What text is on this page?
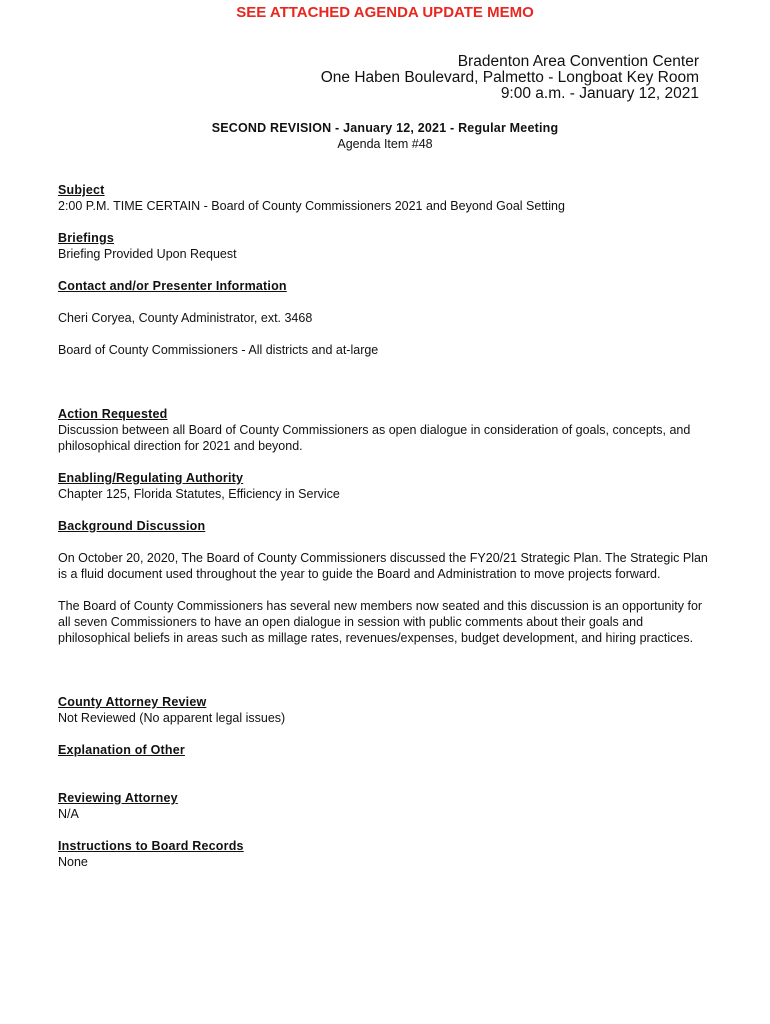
SEE ATTACHED AGENDA UPDATE MEMO
Bradenton Area Convention Center
One Haben Boulevard, Palmetto - Longboat Key Room
9:00 a.m. - January 12, 2021
SECOND REVISION - January 12, 2021 - Regular Meeting
Agenda Item #48
Subject
2:00 P.M. TIME CERTAIN - Board of County Commissioners 2021 and Beyond Goal Setting
Briefings
Briefing Provided Upon Request
Contact and/or Presenter Information
Cheri Coryea, County Administrator, ext. 3468
Board of County Commissioners - All districts and at-large
Action Requested
Discussion between all Board of County Commissioners as open dialogue in consideration of goals, concepts, and philosophical direction for 2021 and beyond.
Enabling/Regulating Authority
Chapter 125, Florida Statutes, Efficiency in Service
Background Discussion
On October 20, 2020, The Board of County Commissioners discussed the FY20/21 Strategic Plan. The Strategic Plan is a fluid document used throughout the year to guide the Board and Administration to move projects forward.
The Board of County Commissioners has several new members now seated and this discussion is an opportunity for all seven Commissioners to have an open dialogue in session with public comments about their goals and philosophical beliefs in areas such as millage rates, revenues/expenses, budget development, and hiring practices.
County Attorney Review
Not Reviewed (No apparent legal issues)
Explanation of Other
Reviewing Attorney
N/A
Instructions to Board Records
None
